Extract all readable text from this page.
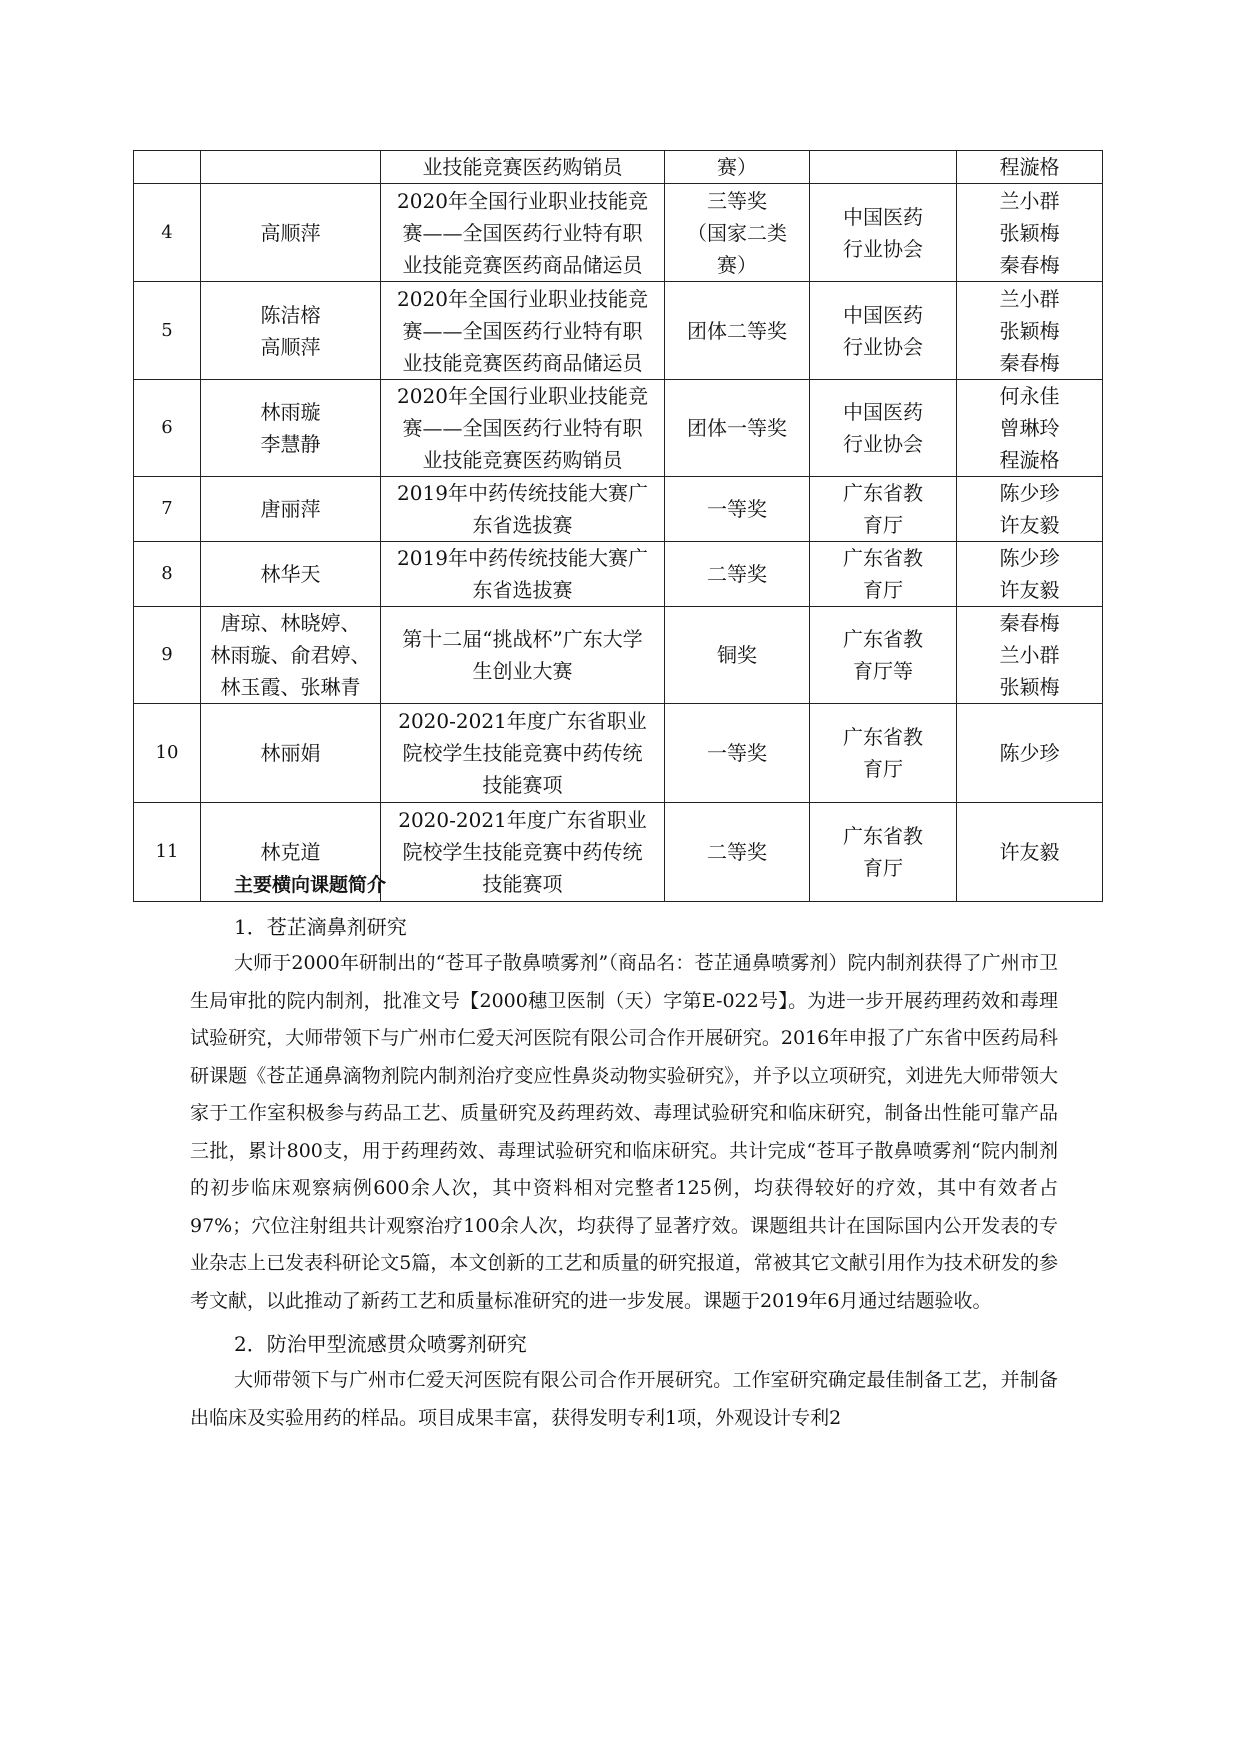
		业技能竞赛医药购销员	赛）		程漩格
4	高顺萍	2020年全国行业职业技能竞
赛——全国医药行业特有职
业技能竞赛医药商品储运员	三等奖
（国家二类
赛）	中国医药
行业协会	兰小群
张颖梅
秦春梅
5	陈洁榕
高顺萍	2020年全国行业职业技能竞
赛——全国医药行业特有职
业技能竞赛医药商品储运员	团体二等奖	中国医药
行业协会	兰小群
张颖梅
秦春梅
6	林雨璇
李慧静	2020年全国行业职业技能竞
赛——全国医药行业特有职
业技能竞赛医药购销员	团体一等奖	中国医药
行业协会	何永佳
曾琳玲
程漩格
7	唐丽萍	2019年中药传统技能大赛广
东省选拔赛	一等奖	广东省教
育厅	陈少珍
许友毅
8	林华天	2019年中药传统技能大赛广
东省选拔赛	二等奖	广东省教
育厅	陈少珍
许友毅
9	唐琼、林晓婷、
林雨璇、俞君婷、
林玉霞、张琳青	第十二届“挑战杯”广东大学
生创业大赛	铜奖	广东省教
育厅等	秦春梅
兰小群
张颖梅
10	林丽娟	2020-2021年度广东省职业
院校学生技能竞赛中药传统
技能赛项	一等奖	广东省教
育厅	陈少珍
11	林克道	2020-2021年度广东省职业
院校学生技能竞赛中药传统
技能赛项	二等奖	广东省教
育厅	许友毅

主要横向课题简介

1．苍芷滴鼻剂研究

大师于2000年研制出的“苍耳子散鼻喷雾剂”（商品名：苍芷通鼻喷雾剂）院内制剂获得了广州市卫生局审批的院内制剂，批准文号【2000穗卫医制（天）字第E-022号】。为进一步开展药理药效和毒理试验研究，大师带领下与广州市仁爱天河医院有限公司合作开展研究。2016年申报了广东省中医药局科研课题《苍芷通鼻滴物剂院内制剂治疗变应性鼻炎动物实验研究》，并予以立项研究，刘进先大师带领大家于工作室积极参与药品工艺、质量研究及药理药效、毒理试验研究和临床研究，制备出性能可靠产品三批，累计800支，用于药理药效、毒理试验研究和临床研究。共计完成“苍耳子散鼻喷雾剂“院内制剂的初步临床观察病例600余人次，其中资料相对完整者125例，均获得较好的疗效，其中有效者占97%；穴位注射组共计观察治疗100余人次，均获得了显著疗效。课题组共计在国际国内公开发表的专业杂志上已发表科研论文5篇，本文创新的工艺和质量的研究报道，常被其它文献引用作为技术研发的参考文献，以此推动了新药工艺和质量标准研究的进一步发展。课题于2019年6月通过结题验收。

2．防治甲型流感贯众喷雾剂研究

大师带领下与广州市仁爱天河医院有限公司合作开展研究。工作室研究确定最佳制备工艺，并制备出临床及实验用药的样品。项目成果丰富，获得发明专利1项，外观设计专利2
